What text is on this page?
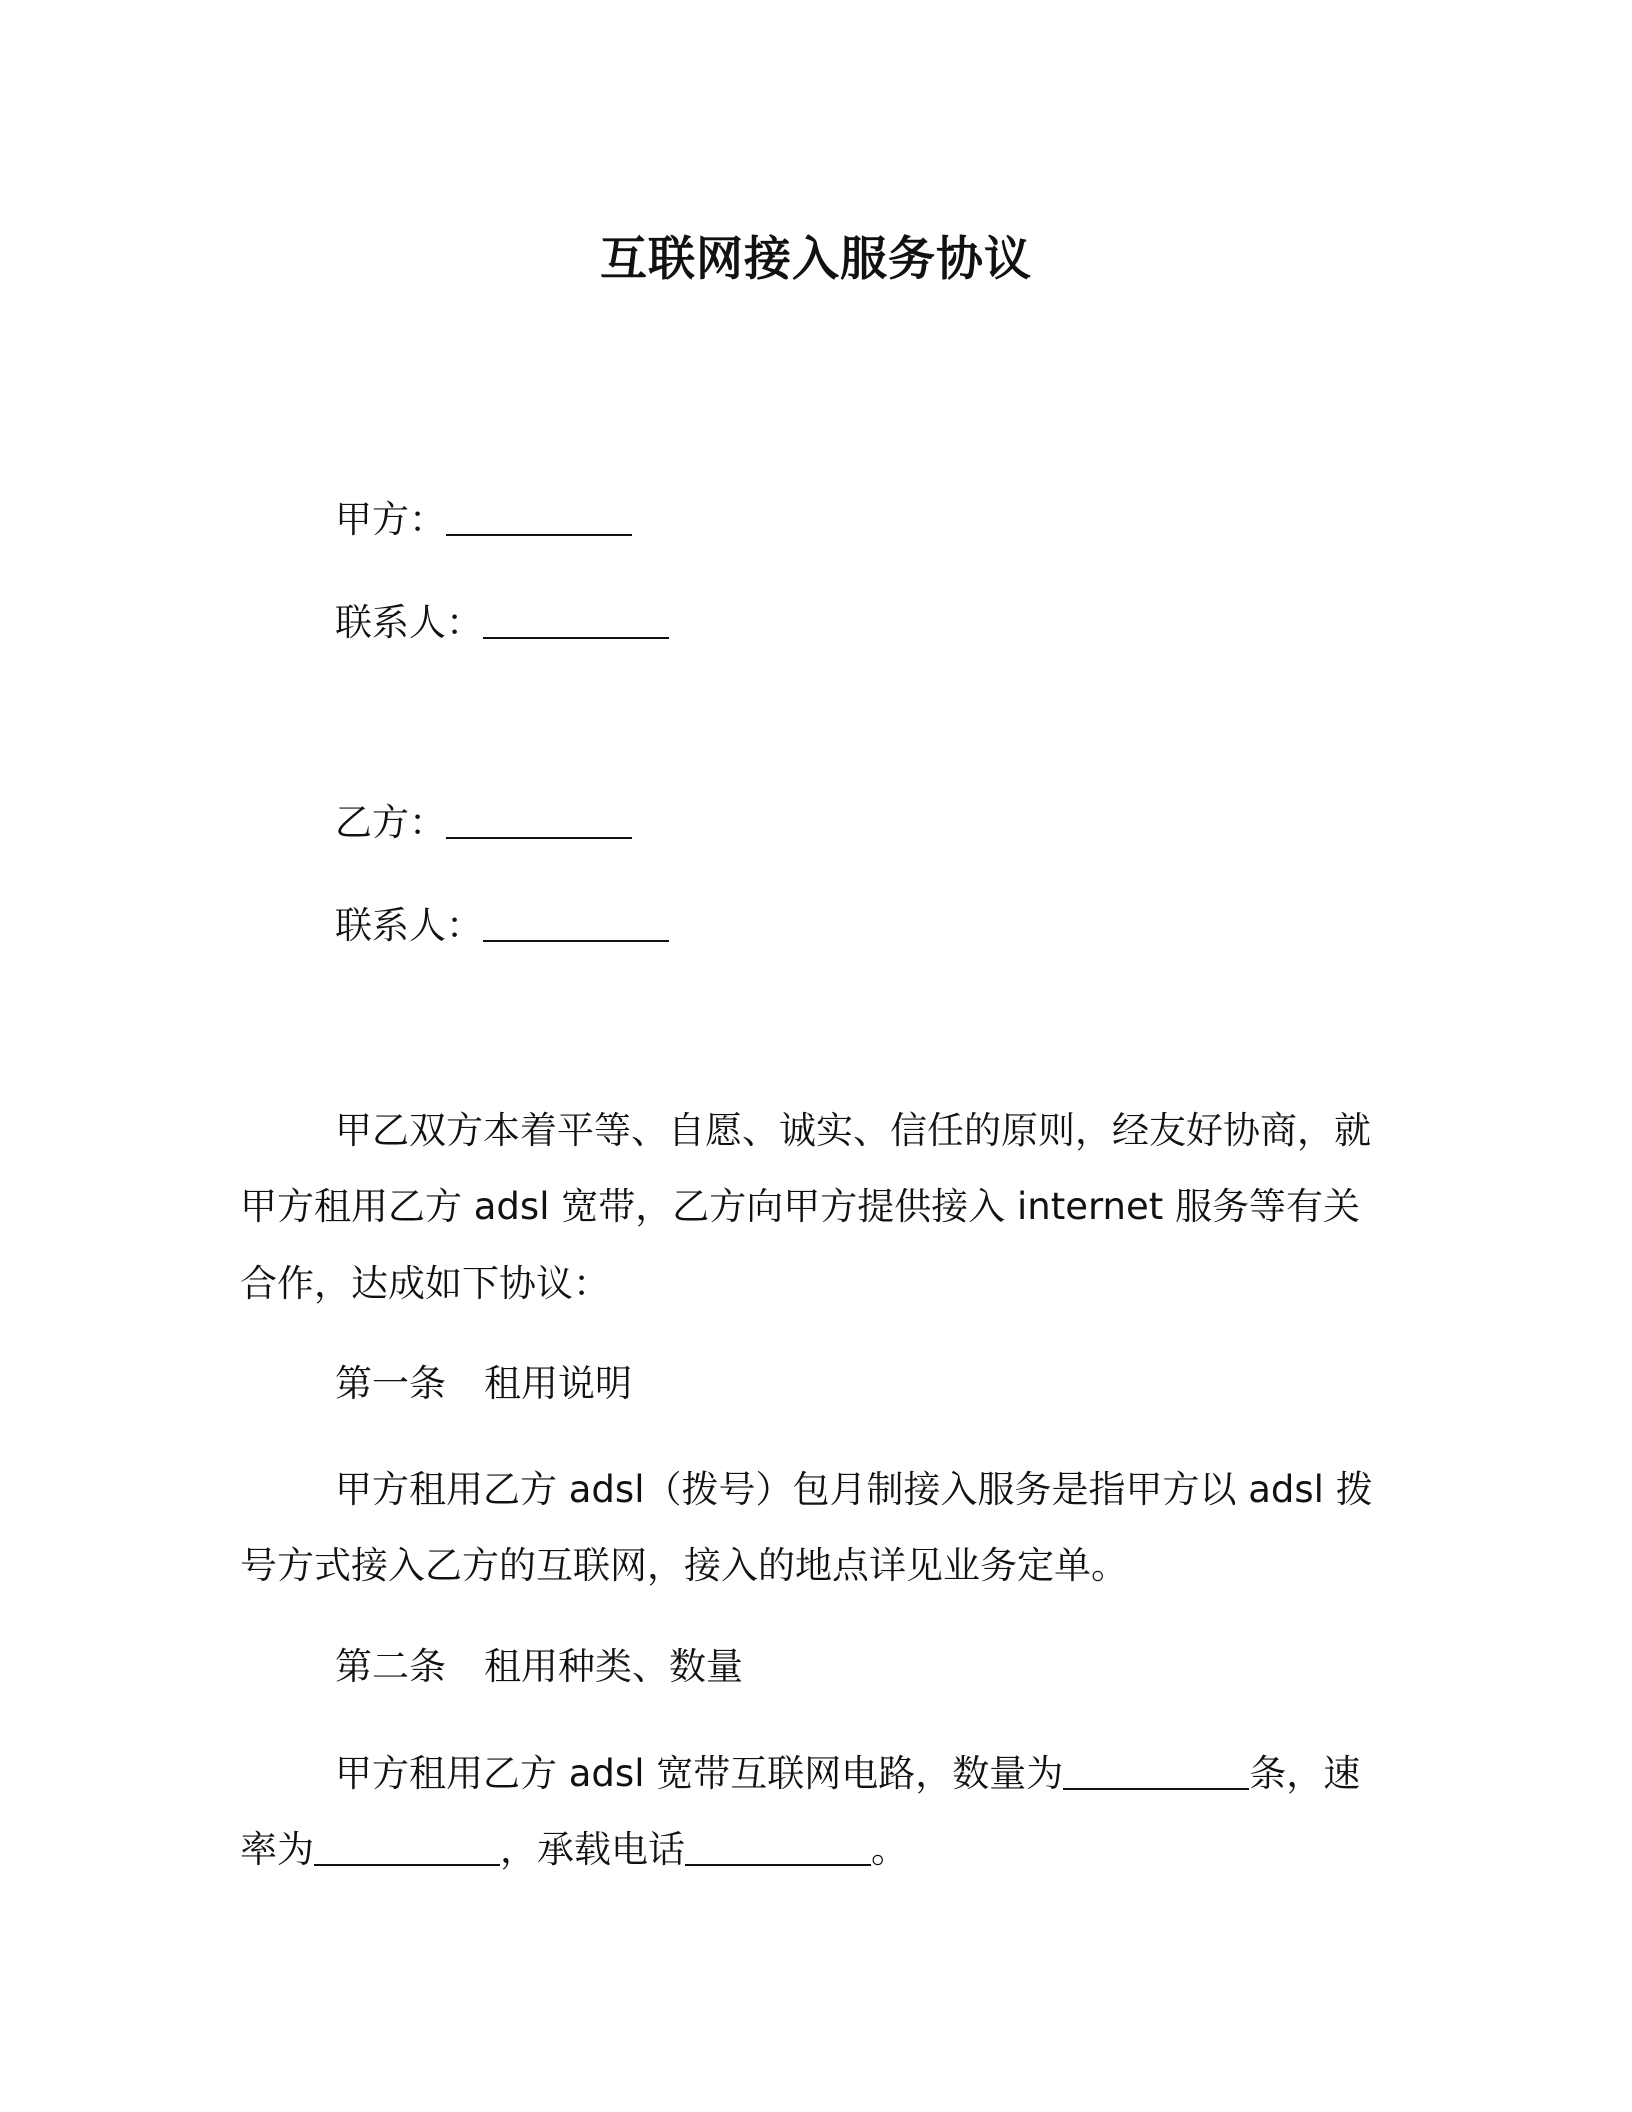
互联网接入服务协议
甲方：
联系人：
乙方：
联系人：
甲乙双方本着平等、自愿、诚实、信任的原则，经友好协商，就
甲方租用乙方 adsl 宽带，乙方向甲方提供接入 internet 服务等有关
合作，达成如下协议：
第一条 租用说明
甲方租用乙方 adsl（拨号）包月制接入服务是指甲方以 adsl 拨
号方式接入乙方的互联网，接入的地点详见业务定单。
第二条 租用种类、数量
甲方租用乙方 adsl 宽带互联网电路，数量为	条，速
率为	，承载电话	。
